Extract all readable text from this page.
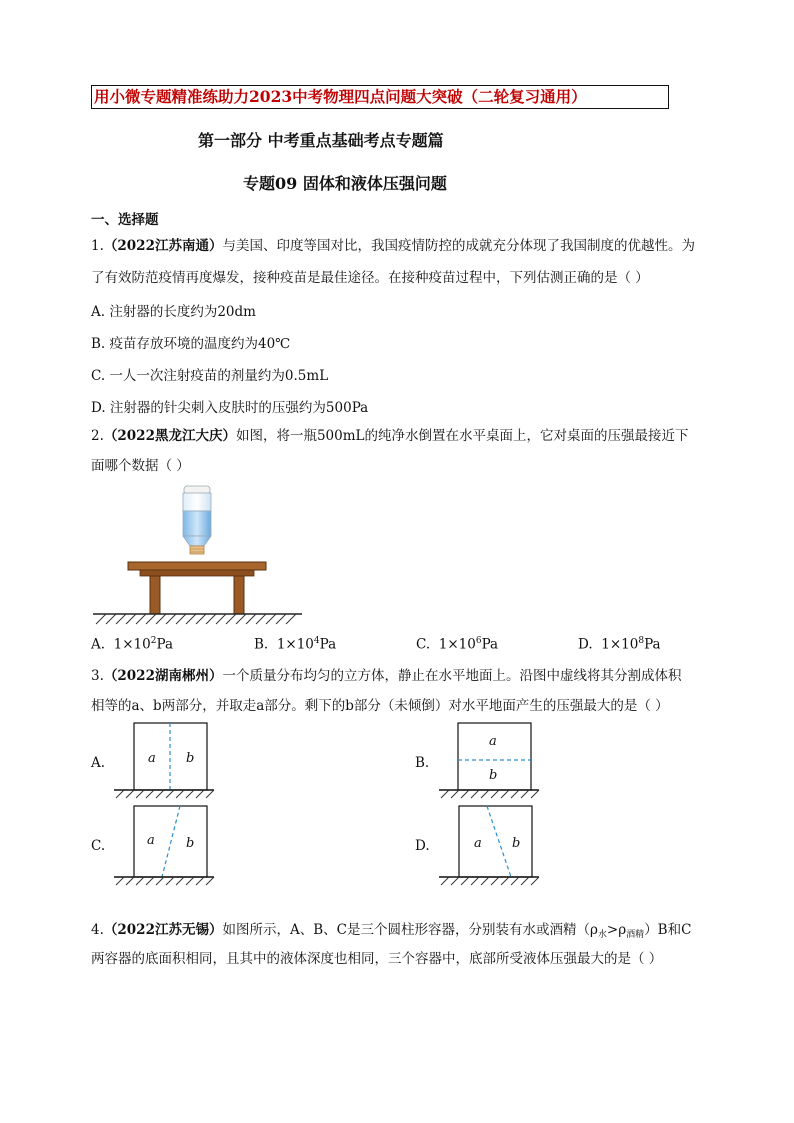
用小微专题精准练助力2023中考物理四点问题大突破（二轮复习通用）
第一部分 中考重点基础考点专题篇
专题09 固体和液体压强问题
一、选择题
1.（2022江苏南通）与美国、印度等国对比，我国疫情防控的成就充分体现了我国制度的优越性。为
了有效防范疫情再度爆发，接种疫苗是最佳途径。在接种疫苗过程中，下列估测正确的是（ ）
A. 注射器的长度约为20dm
B. 疫苗存放环境的温度约为40℃
C. 一人一次注射疫苗的剂量约为0.5mL
D. 注射器的针尖刺入皮肤时的压强约为500Pa
2.（2022黑龙江大庆）如图，将一瓶500mL的纯净水倒置在水平桌面上，它对桌面的压强最接近下
面哪个数据（ ）
A. $1\times 10^2Pa$	B. $1\times 10^4Pa$	C. $1\times 10^6Pa$	D. $1\times 10^8Pa$
3.（2022湖南郴州）一个质量分布均匀的立方体，静止在水平地面上。沿图中虚线将其分割成体积
相等的a、b两部分，并取走a部分。剩下的b部分（未倾倒）对水平地面产生的压强最大的是（ ）
A.	B.
C.	D.
a b
a
b
a b	a b
4.（2022江苏无锡）如图所示，A、B、C是三个圆柱形容器，分别装有水或酒精$(\rho_水>\rho_{酒精})B$和C
两容器的底面积相同，且其中的液体深度也相同，三个容器中，底部所受液体压强最大的是（ ）
